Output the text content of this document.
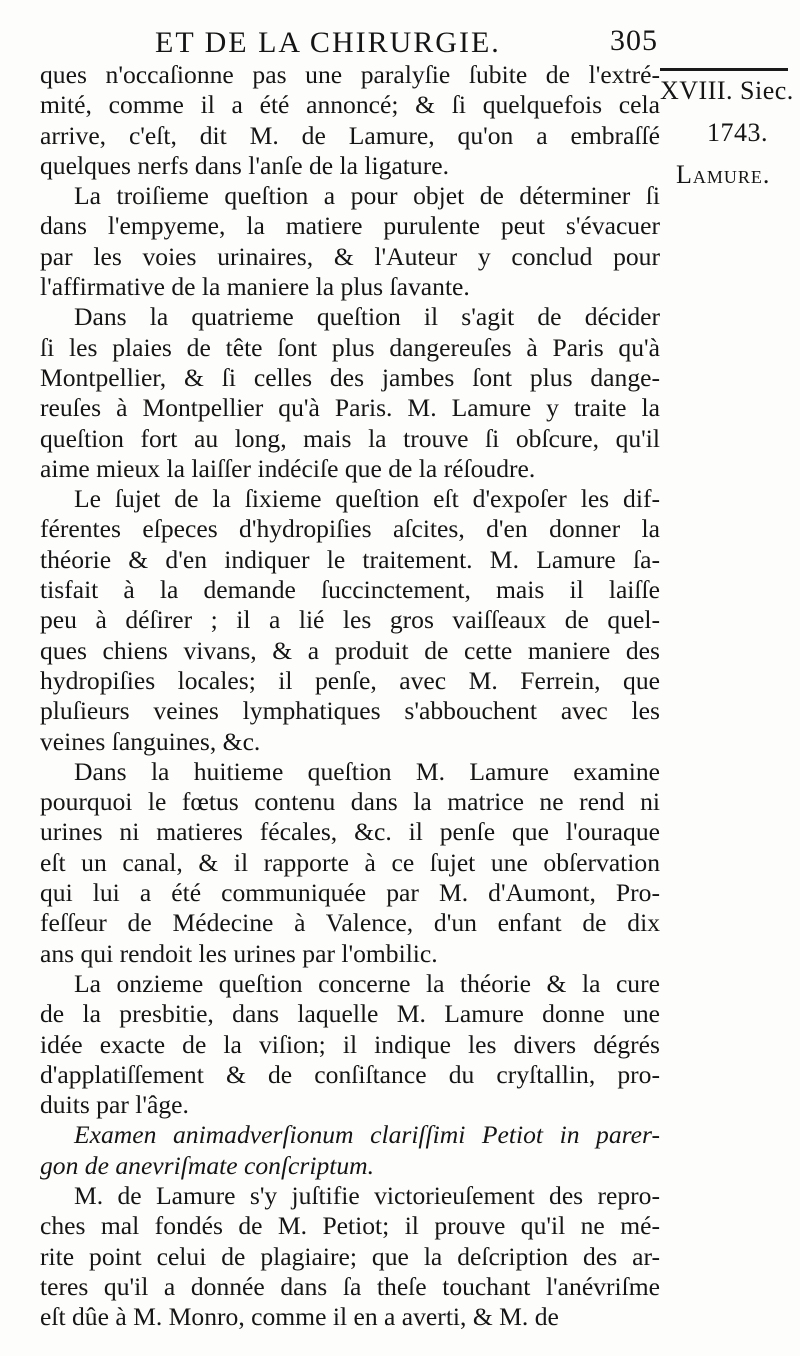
ET DE LA CHIRURGIE.	305
XVIII. Siec.
1743.
Lamure.

ques n'occaſionne pas une paralyſie ſubite de l'extré-
mité, comme il a été annoncé; & ſi quelquefois cela
arrive, c'eſt, dit M. de Lamure, qu'on a embraſſé
quelques nerfs dans l'anſe de la ligature.

La troiſieme queſtion a pour objet de déterminer ſi
dans l'empyeme, la matiere purulente peut s'évacuer
par les voies urinaires, & l'Auteur y conclud pour
l'affirmative de la maniere la plus ſavante.

Dans la quatrieme queſtion il s'agit de décider
ſi les plaies de tête ſont plus dangereuſes à Paris qu'à
Montpellier, & ſi celles des jambes ſont plus dange-
reuſes à Montpellier qu'à Paris. M. Lamure y traite la
queſtion fort au long, mais la trouve ſi obſcure, qu'il
aime mieux la laiſſer indéciſe que de la réſoudre.

Le ſujet de la ſixieme queſtion eſt d'expoſer les dif-
férentes eſpeces d'hydropiſies aſcites, d'en donner la
théorie & d'en indiquer le traitement. M. Lamure ſa-
tisfait à la demande ſuccinctement, mais il laiſſe
peu à déſirer ; il a lié les gros vaiſſeaux de quel-
ques chiens vivans, & a produit de cette maniere des
hydropiſies locales; il penſe, avec M. Ferrein, que
pluſieurs veines lymphatiques s'abbouchent avec les
veines ſanguines, &c.

Dans la huitieme queſtion M. Lamure examine
pourquoi le fœtus contenu dans la matrice ne rend ni
urines ni matieres fécales, &c. il penſe que l'ouraque
eſt un canal, & il rapporte à ce ſujet une obſervation
qui lui a été communiquée par M. d'Aumont, Pro-
feſſeur de Médecine à Valence, d'un enfant de dix
ans qui rendoit les urines par l'ombilic.

La onzieme queſtion concerne la théorie & la cure
de la presbitie, dans laquelle M. Lamure donne une
idée exacte de la viſion; il indique les divers dégrés
d'applatiſſement & de conſiſtance du cryſtallin, pro-
duits par l'âge.

Examen animadverſionum clariſſimi Petiot in parer-
gon de anevriſmate conſcriptum.

M. de Lamure s'y juſtifie victorieuſement des repro-
ches mal fondés de M. Petiot; il prouve qu'il ne mé-
rite point celui de plagiaire; que la deſcription des ar-
teres qu'il a donnée dans ſa theſe touchant l'anévriſme
eſt dûe à M. Monro, comme il en a averti, & M. de
